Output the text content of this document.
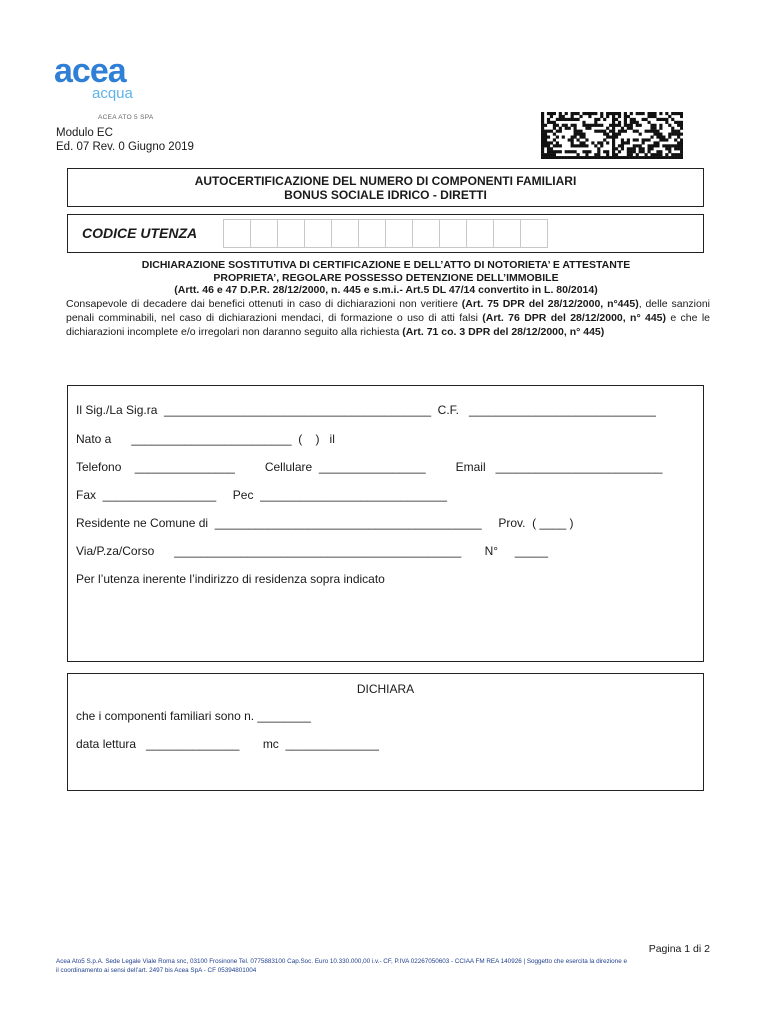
acea
acqua
ACEA ATO 5 SPA
Modulo EC
Ed. 07 Rev. 0 Giugno 2019
AUTOCERTIFICAZIONE DEL NUMERO DI COMPONENTI FAMILIARI
BONUS SOCIALE IDRICO - DIRETTI
CODICE UTENZA
DICHIARAZIONE SOSTITUTIVA DI CERTIFICAZIONE E DELL’ATTO DI NOTORIETA’ E ATTESTANTE
PROPRIETA’, REGOLARE POSSESSO DETENZIONE DELL’IMMOBILE
(Artt. 46 e 47 D.P.R. 28/12/2000, n. 445 e s.m.i.- Art.5 DL 47/14 convertito in L. 80/2014)
Consapevole di decadere dai benefici ottenuti in caso di dichiarazioni non veritiere (Art. 75 DPR del 28/12/2000, n°445), delle sanzioni penali comminabili, nel caso di dichiarazioni mendaci, di formazione o uso di atti falsi (Art. 76 DPR del 28/12/2000, n° 445) e che le dichiarazioni incomplete e/o irregolari non daranno seguito alla richiesta (Art. 71 co. 3 DPR del 28/12/2000, n° 445)
Il Sig./La Sig.ra  ________________________________________  C.F.   ____________________________
Nato a      ________________________  (    )   il
Telefono    _______________         Cellulare  ________________         Email   _________________________
Fax  _________________     Pec  ____________________________
Residente ne Comune di  ________________________________________     Prov.  ( ____ )
Via/P.za/Corso      ___________________________________________       N°     _____
Per l’utenza inerente l’indirizzo di residenza sopra indicato
DICHIARA
che i componenti familiari sono n. ________
data lettura   ______________       mc  ______________
Pagina 1 di 2
Acea Ato5 S.p.A. Sede Legale Viale Roma snc, 03100 Frosinone Tel. 0775883100 Cap.Soc. Euro 10.330.000,00 i.v.- CF, P.IVA 02267050603 - CCIAA FM REA 140926 | Soggetto che esercita la direzione e
il coordinamento ai sensi dell’art. 2497 bis Acea SpA - CF 05394801004
